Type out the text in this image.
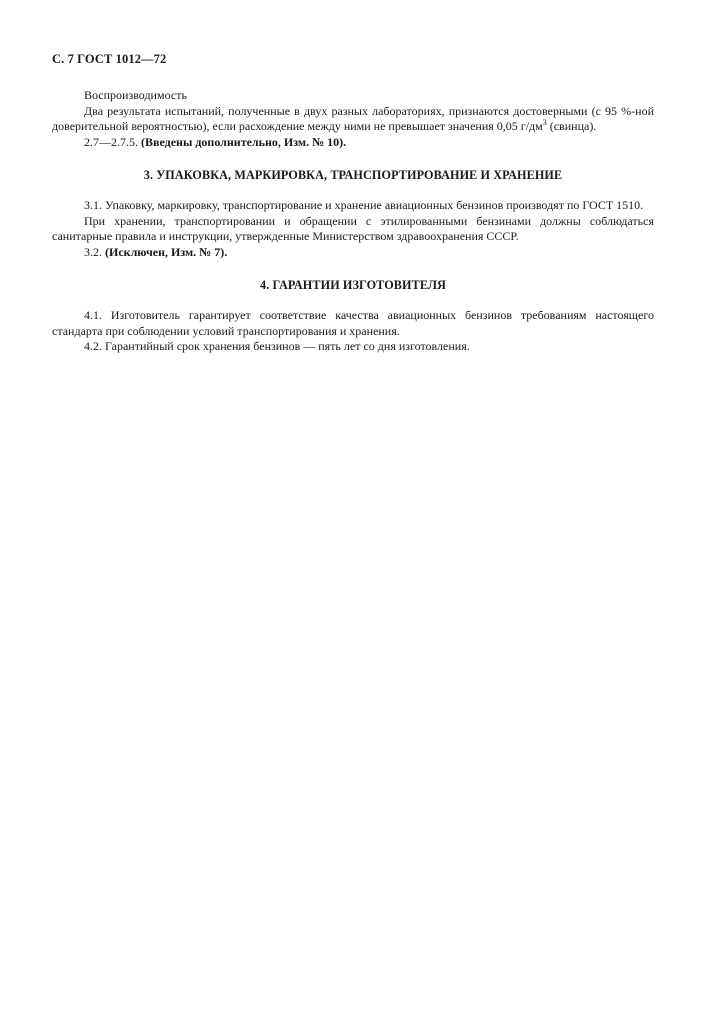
С. 7 ГОСТ 1012—72

Воспроизводимость

Два результата испытаний, полученные в двух разных лабораториях, признаются достоверными (с 95 %-ной доверительной вероятностью), если расхождение между ними не превышает значения 0,05 $г/дм^3$ (свинца).

2.7—2.7.5. (Введены дополнительно, Изм. № 10).

3. УПАКОВКА, МАРКИРОВКА, ТРАНСПОРТИРОВАНИЕ И ХРАНЕНИЕ

3.1. Упаковку, маркировку, транспортирование и хранение авиационных бензинов производят по ГОСТ 1510.

При хранении, транспортировании и обращении с этилированными бензинами должны соблюдаться санитарные правила и инструкции, утвержденные Министерством здравоохранения СССР.

3.2. (Исключен, Изм. № 7).

4. ГАРАНТИИ ИЗГОТОВИТЕЛЯ

4.1. Изготовитель гарантирует соответствие качества авиационных бензинов требованиям настоящего стандарта при соблюдении условий транспортирования и хранения.

4.2. Гарантийный срок хранения бензинов — пять лет со дня изготовления.
